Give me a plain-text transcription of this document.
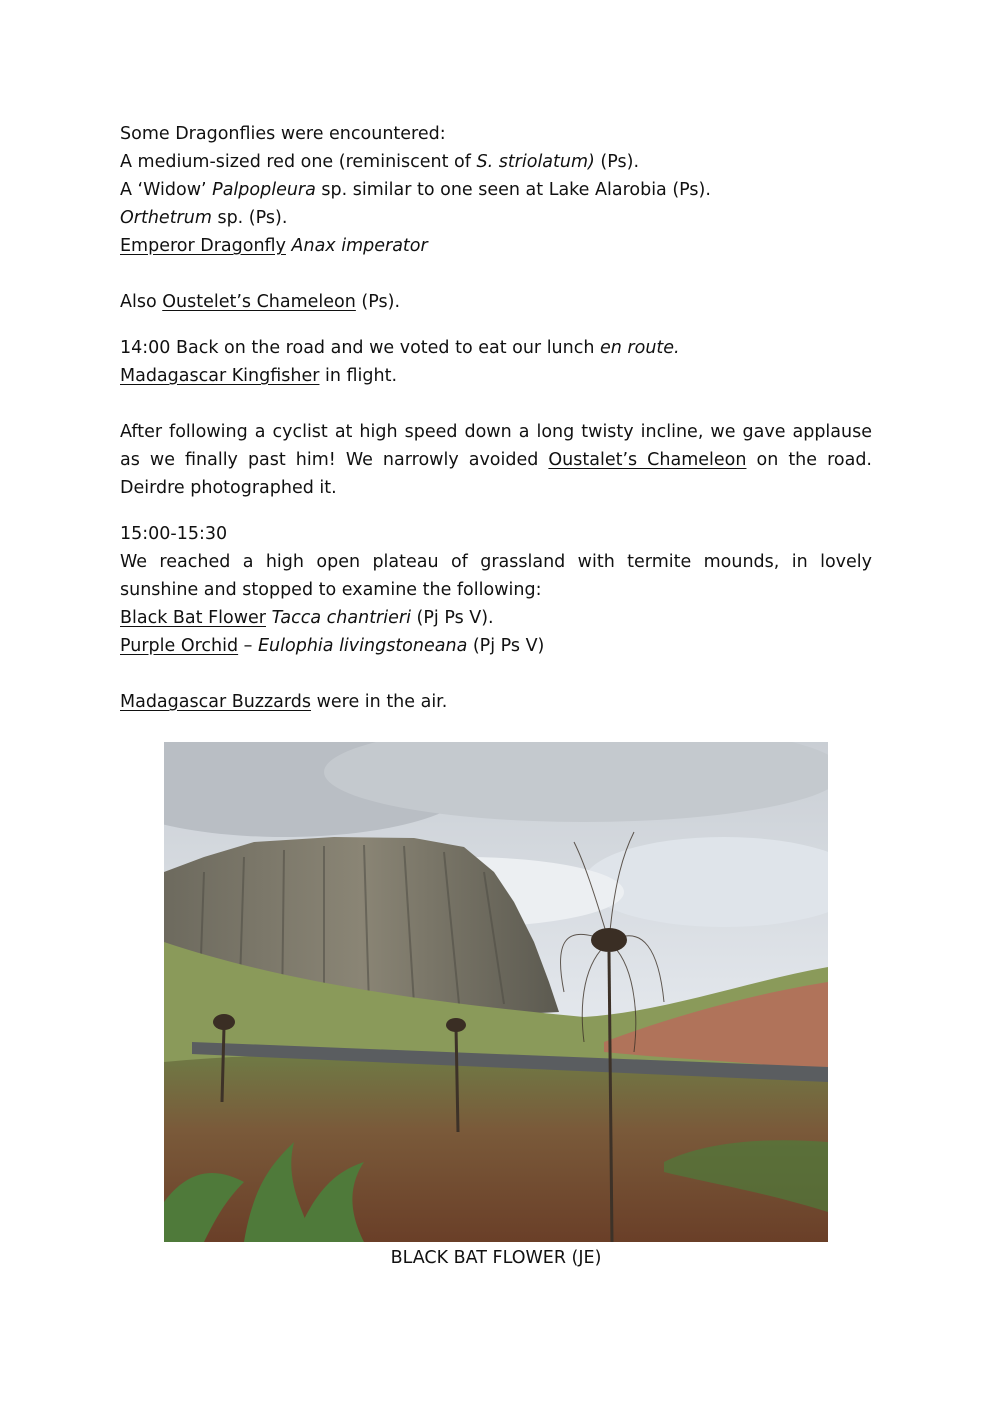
Some Dragonflies were encountered:
A medium-sized red one (reminiscent of S. striolatum) (Ps).
A ‘Widow’ Palpopleura sp. similar to one seen at Lake Alarobia (Ps).
Orthetrum sp. (Ps).
Emperor Dragonfly Anax imperator
Also Oustelet’s Chameleon (Ps).
14:00 Back on the road and we voted to eat our lunch en route.
Madagascar Kingfisher in flight.
After following a cyclist at high speed down a long twisty incline, we gave applause as we finally past him! We narrowly avoided Oustalet’s Chameleon on the road. Deirdre photographed it.
15:00-15:30
We reached a high open plateau of grassland with termite mounds, in lovely sunshine and stopped to examine the following:
Black Bat Flower Tacca chantrieri (Pj Ps V).
Purple Orchid – Eulophia livingstoneana (Pj Ps V)
Madagascar Buzzards were in the air.
BLACK BAT FLOWER (JE)
